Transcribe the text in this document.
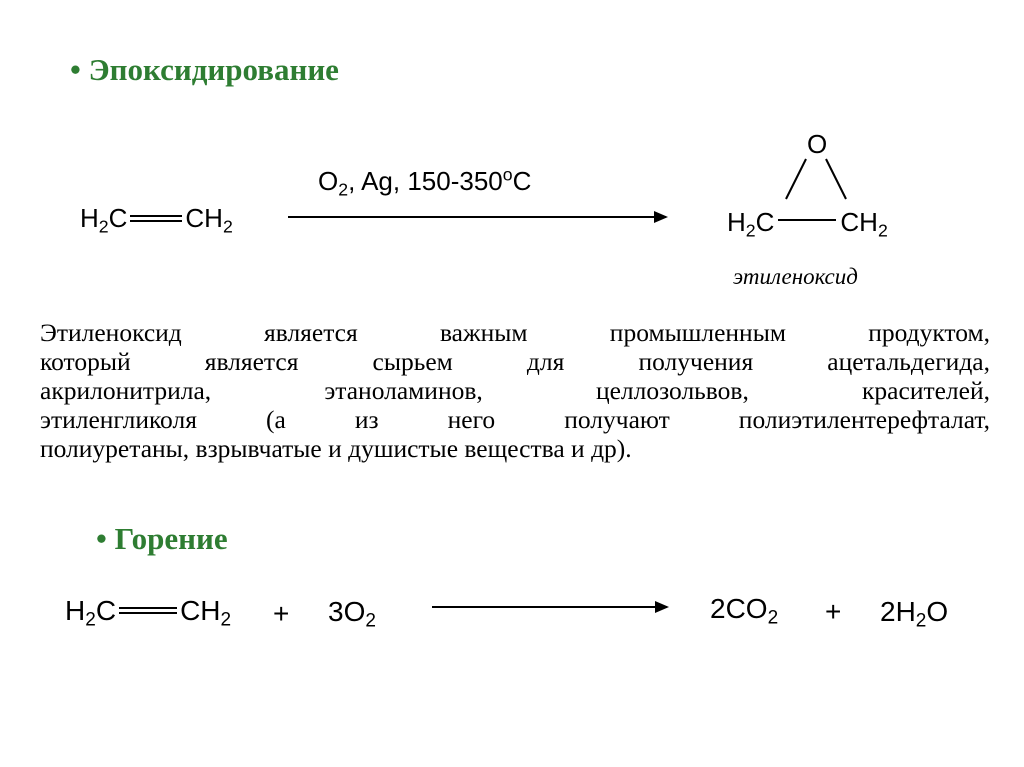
• Эпоксидирование
$H_2C$ $CH_2$
$O_2$, Ag, 150-350$^o$C
O
$H_2C$	$CH_2$
этиленоксид
Этиленоксид является важным промышленным продуктом,
который является сырьем для получения ацетальдегида,
акрилонитрила, этаноламинов, целлозольвов, красителей,
этиленгликоля (а из него получают полиэтилентерефталат,
полиуретаны, взрывчатые и душистые вещества и др).
• Горение
$H_2C$ $CH_2 + 3O_2$	$2CO_2 + 2H_2O$
